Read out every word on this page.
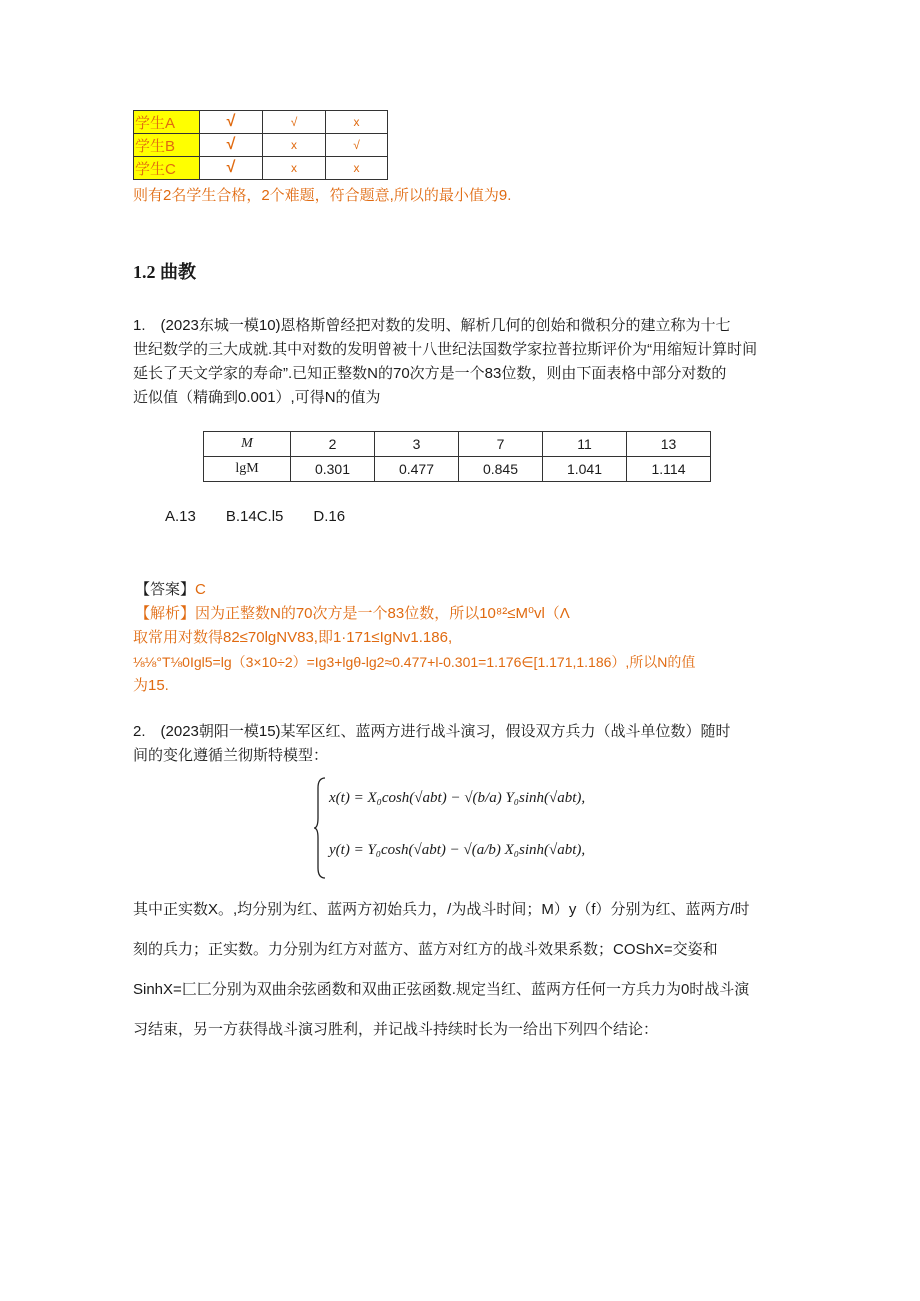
学生A	√	√	x
学生B	√	x	√
学生C	√	x	x
则有2名学生合格，2个难题，符合题意,所以的最小值为9.
1.2 曲教
1.　(2023东城一模10)恩格斯曾经把对数的发明、解析几何的创始和微积分的建立称为十七
世纪数学的三大成就.其中对数的发明曾被十八世纪法国数学家拉普拉斯评价为“用缩短计算时间
延长了天文学家的寿命”.已知正整数N的70次方是一个83位数，则由下面表格中部分对数的
近似值（精确到0.001）,可得N的值为
M	2	3	7	11	13
lgM	0.301	0.477	0.845	1.041	1.114
A.13　　B.14C.l5　　D.16
【答案】C
【解析】因为正整数N的70次方是一个83位数，所以10⁸²≤M⁰vl（Λ
取常用对数得82≤70lgNV83,即1·171≤IgNv1.186,
⅛⅛°T⅛0Igl5=lg（3×10÷2）=Ig3+lgθ-lg2≈0.477+l-0.301=1.176∈[1.171,1.186）,所以N的值
为15.
2.　(2023朝阳一模15)某军区红、蓝两方进行战斗演习，假设双方兵力（战斗单位数）随时
间的变化遵循兰彻斯特模型：
x(t) = X₀cosh(√abt) − √(b/a) Y₀sinh(√abt),
y(t) = Y₀cosh(√abt) − √(a/b) X₀sinh(√abt),
其中正实数X。,均分别为红、蓝两方初始兵力，/为战斗时间；M）y（f）分别为红、蓝两方/时
刻的兵力；正实数。力分别为红方对蓝方、蓝方对红方的战斗效果系数；COShX=交姿和
SinhX=匚匚分别为双曲余弦函数和双曲正弦函数.规定当红、蓝两方任何一方兵力为0时战斗演
习结束，另一方获得战斗演习胜利，并记战斗持续时长为一给出下列四个结论：
